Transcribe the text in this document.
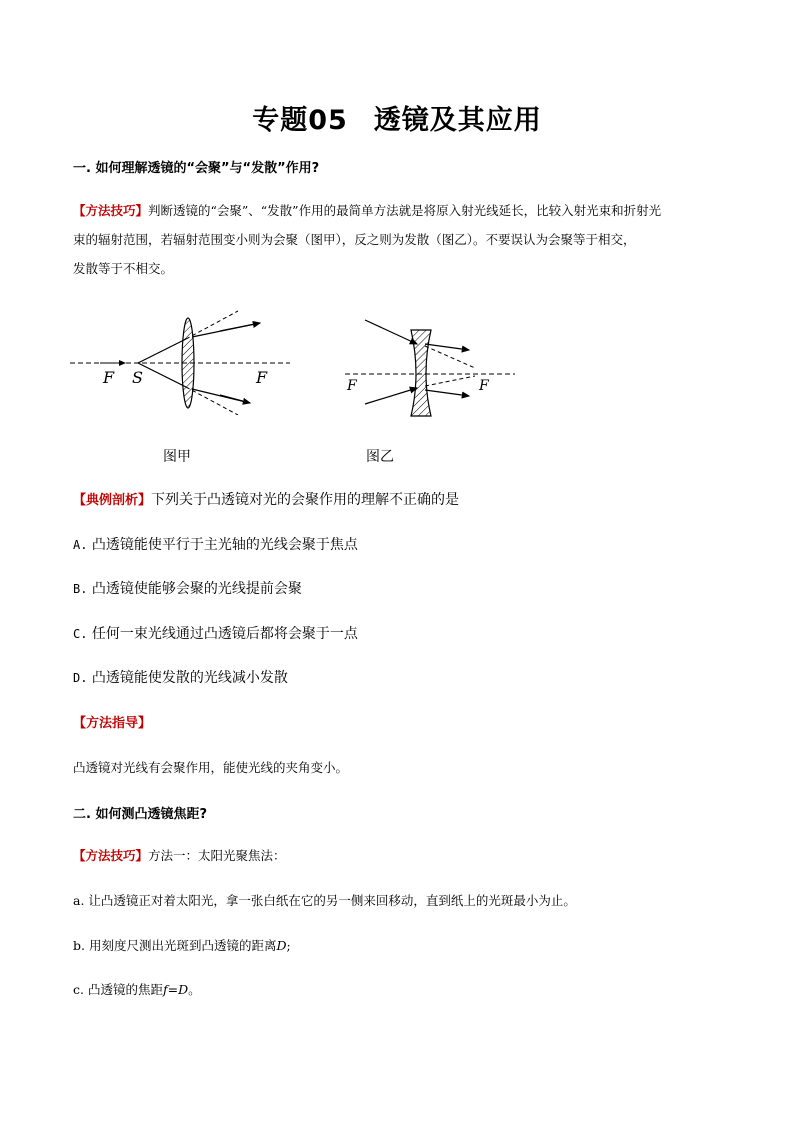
专题05 透镜及其应用
一. 如何理解透镜的“会聚”与“发散”作用?
【方法技巧】判断透镜的“会聚”、“发散”作用的最简单方法就是将原入射光线延长，比较入射光束和折射光
束的辐射范围，若辐射范围变小则为会聚（图甲），反之则为发散（图乙）。不要误认为会聚等于相交，
发散等于不相交。
F S	F	F	F
图甲	图乙
【典例剖析】下列关于凸透镜对光的会聚作用的理解不正确的是
A. 凸透镜能使平行于主光轴的光线会聚于焦点
B. 凸透镜使能够会聚的光线提前会聚
C. 任何一束光线通过凸透镜后都将会聚于一点
D. 凸透镜能使发散的光线减小发散
【方法指导】
凸透镜对光线有会聚作用，能使光线的夹角变小。
二. 如何测凸透镜焦距?
【方法技巧】方法一：太阳光聚焦法：
a. 让凸透镜正对着太阳光，拿一张白纸在它的另一侧来回移动，直到纸上的光斑最小为止。
b. 用刻度尺测出光斑到凸透镜的距离D;
c. 凸透镜的焦距f=D。
